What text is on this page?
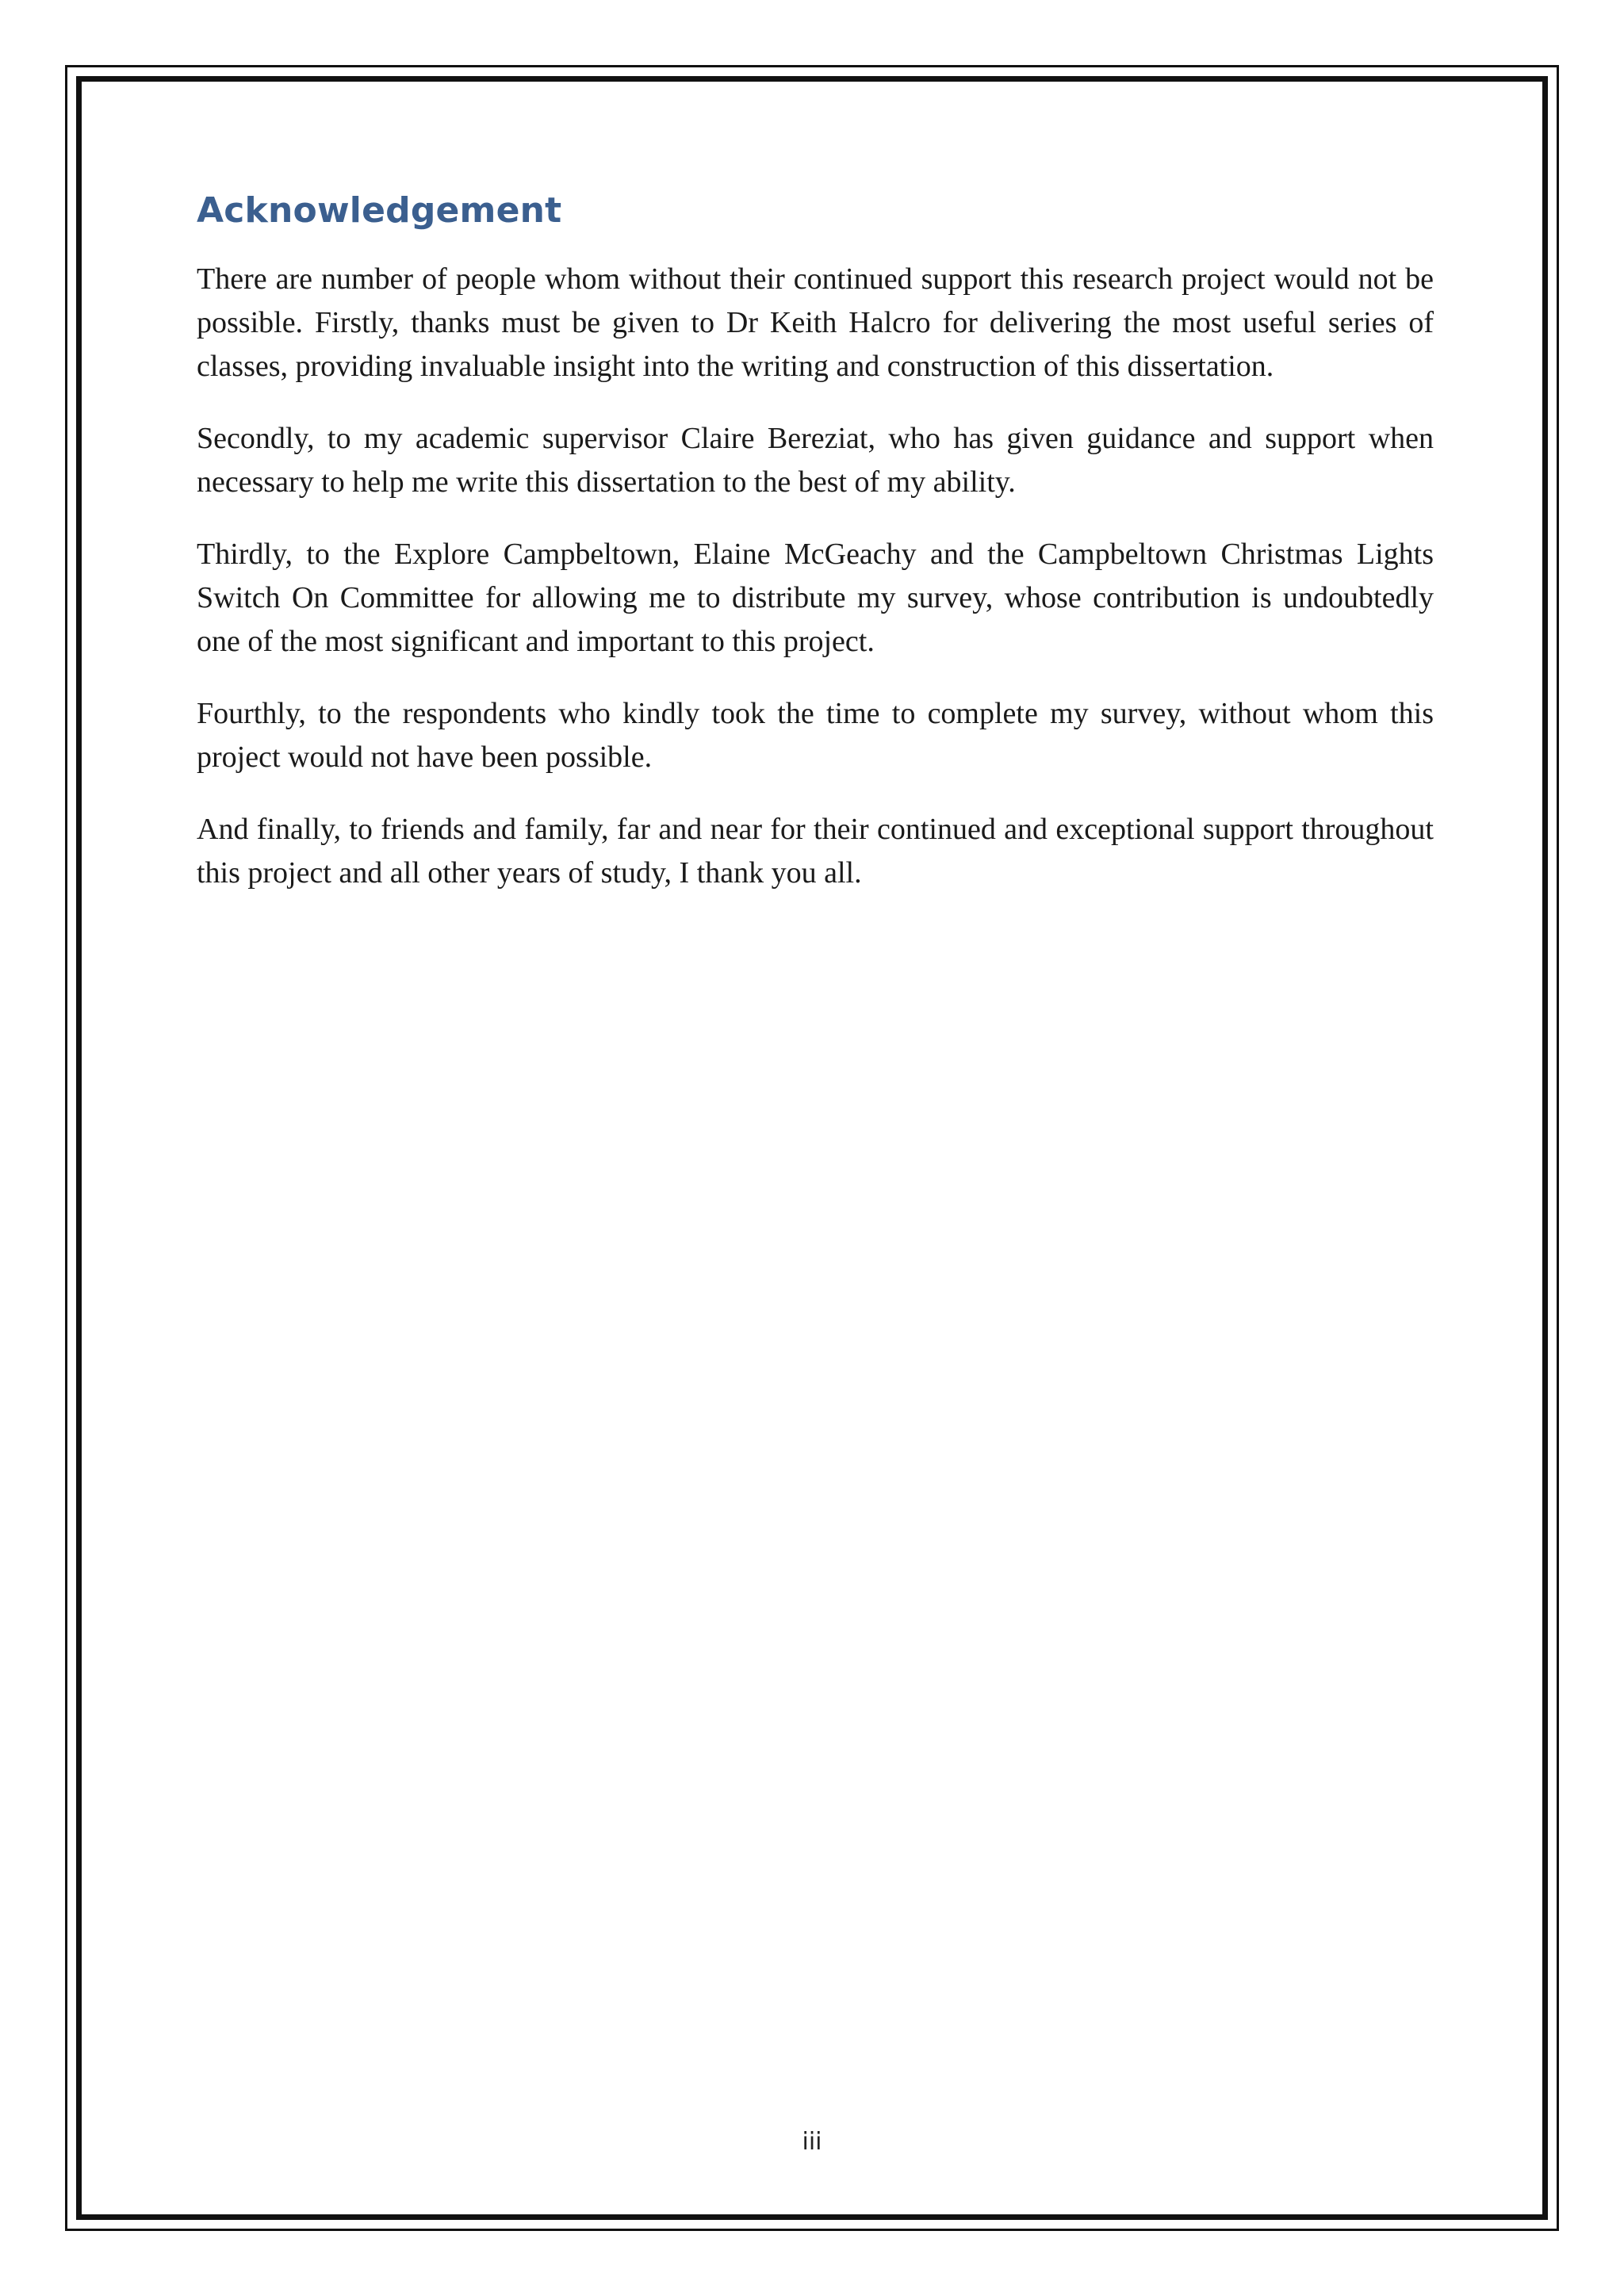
Acknowledgement

There are number of people whom without their continued support this research project would not be possible. Firstly, thanks must be given to Dr Keith Halcro for delivering the most useful series of classes, providing invaluable insight into the writing and construction of this dissertation.

Secondly, to my academic supervisor Claire Bereziat, who has given guidance and support when necessary to help me write this dissertation to the best of my ability.

Thirdly, to the Explore Campbeltown, Elaine McGeachy and the Campbeltown Christmas Lights Switch On Committee for allowing me to distribute my survey, whose contribution is undoubtedly one of the most significant and important to this project.

Fourthly, to the respondents who kindly took the time to complete my survey, without whom this project would not have been possible.

And finally, to friends and family, far and near for their continued and exceptional support throughout this project and all other years of study, I thank you all.

iii
